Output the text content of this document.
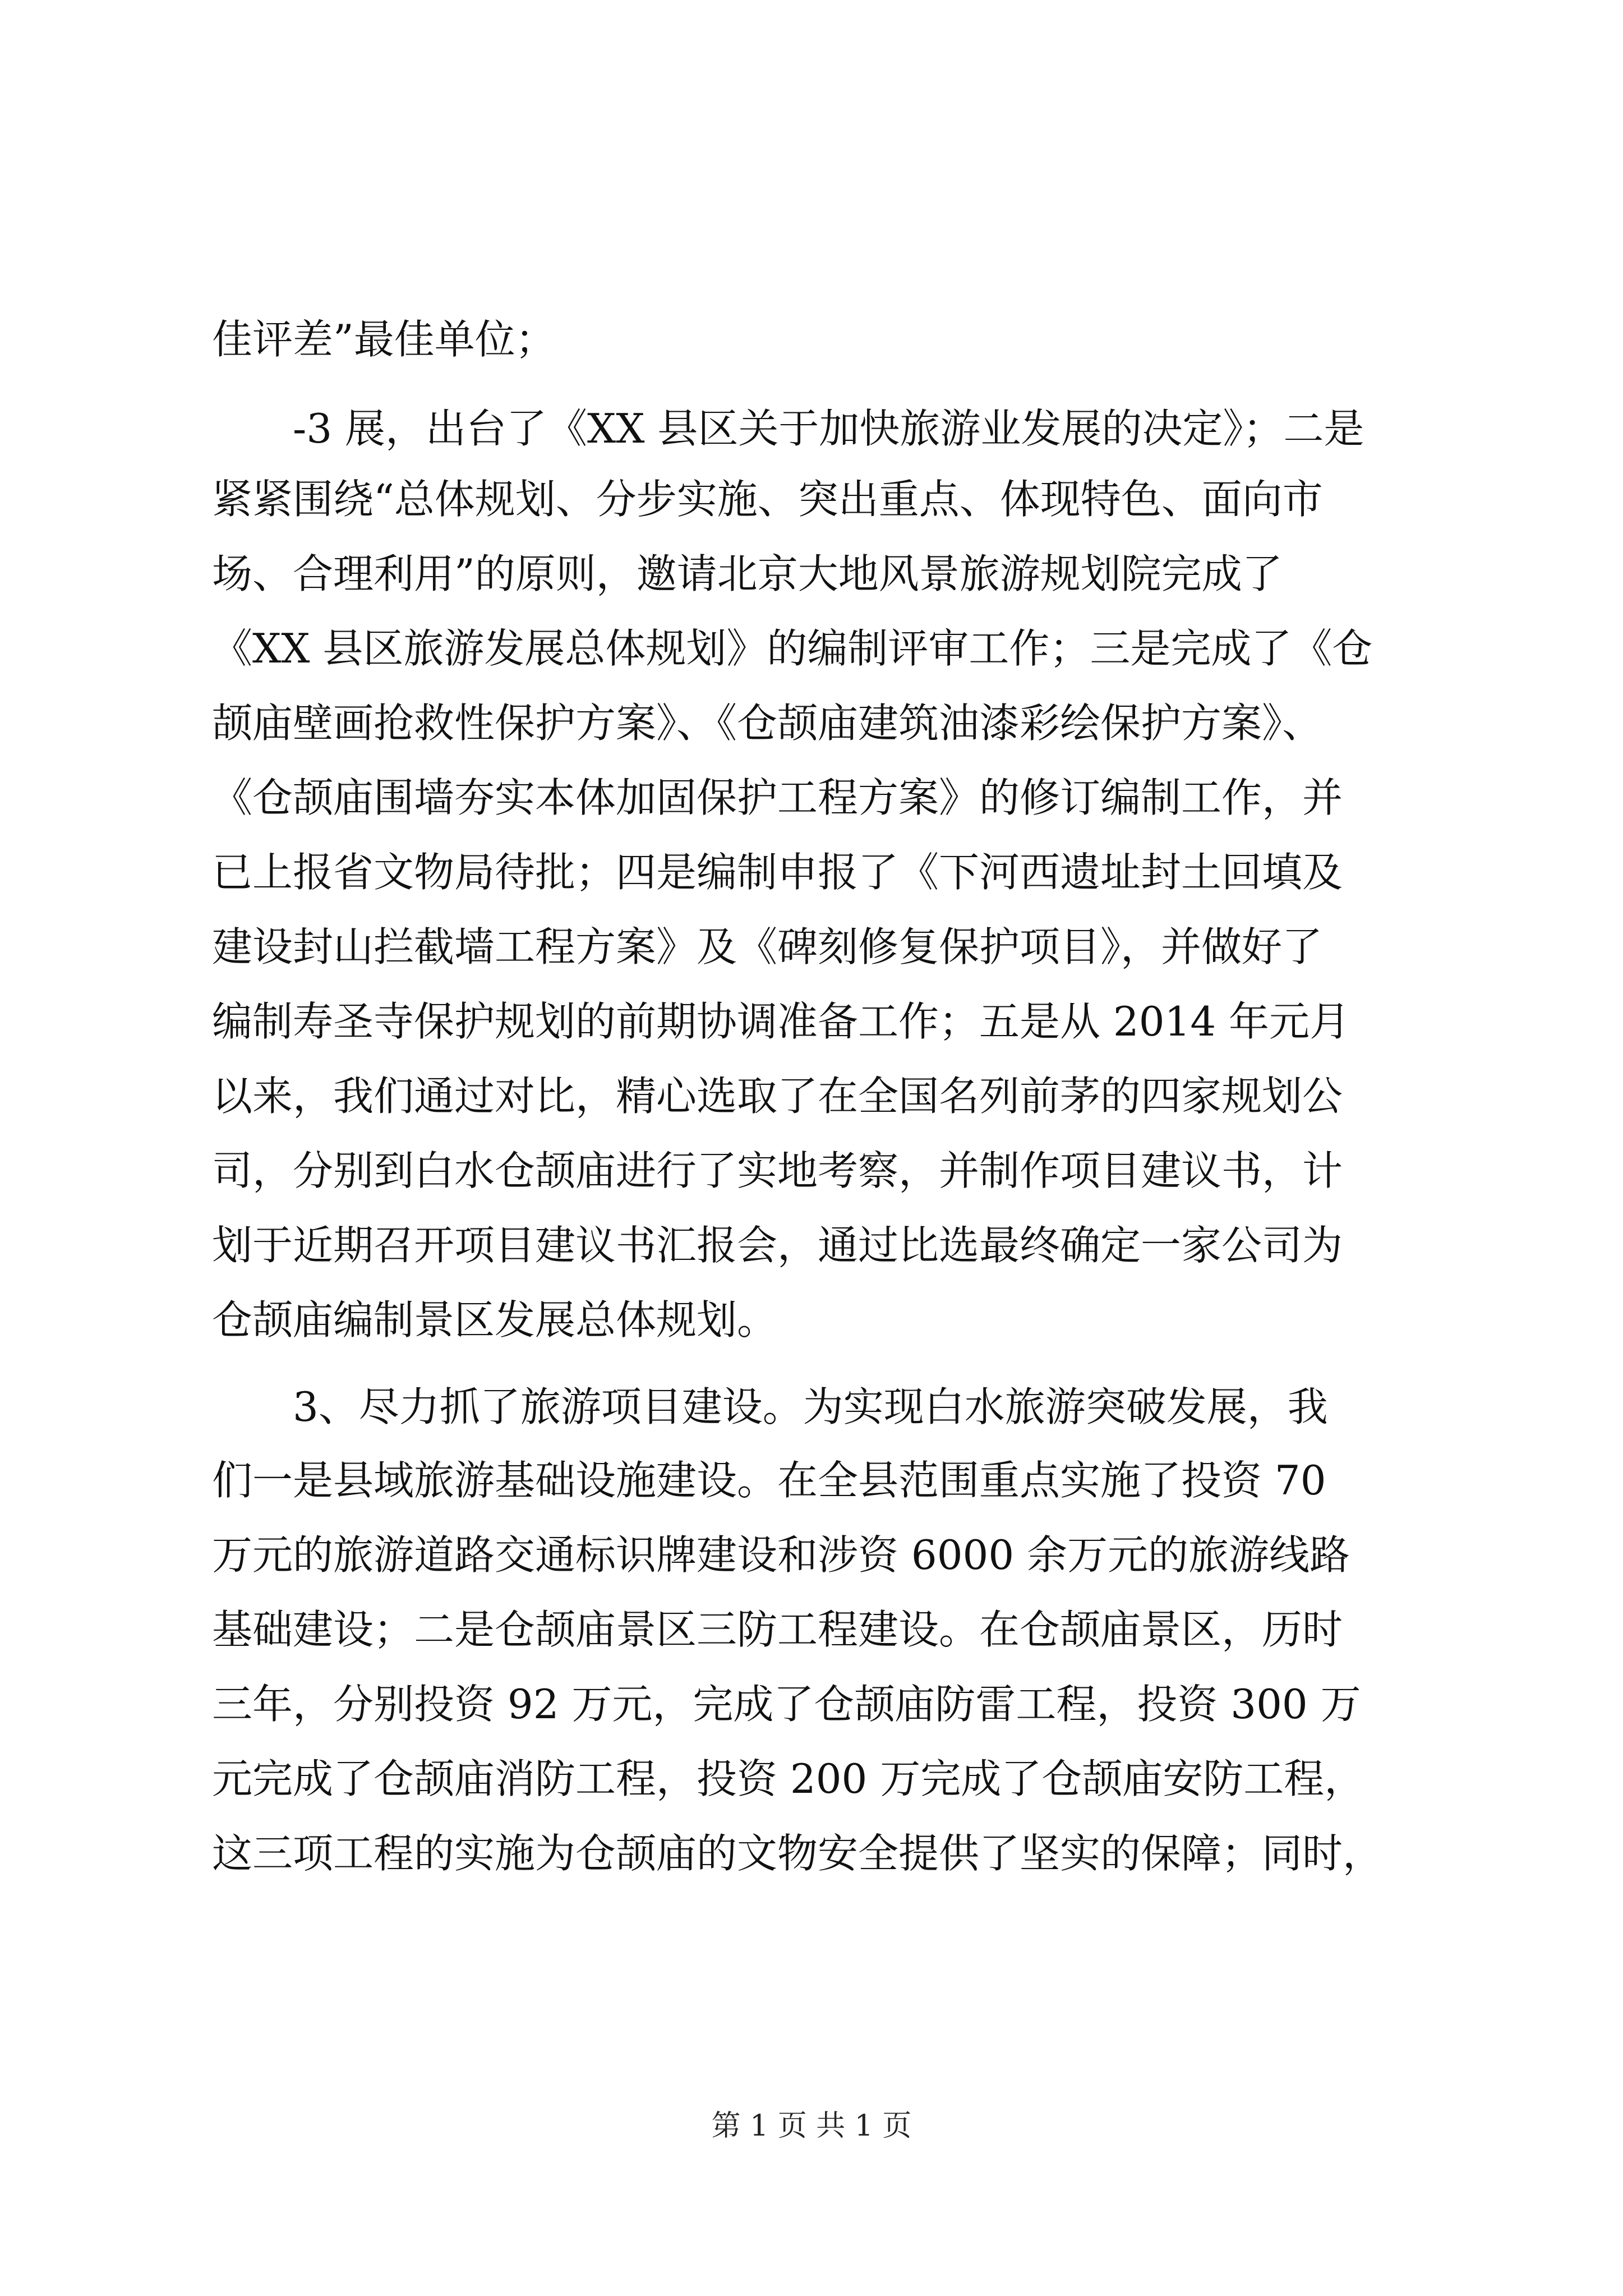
佳评差”最佳单位；
-3 展，出台了《XX 县区关于加快旅游业发展的决定》；二是
紧紧围绕“总体规划、分步实施、突出重点、体现特色、面向市
场、合理利用”的原则，邀请北京大地风景旅游规划院完成了
《XX 县区旅游发展总体规划》的编制评审工作；三是完成了《仓
颉庙壁画抢救性保护方案》、《仓颉庙建筑油漆彩绘保护方案》、
《仓颉庙围墙夯实本体加固保护工程方案》的修订编制工作，并
已上报省文物局待批；四是编制申报了《下河西遗址封土回填及
建设封山拦截墙工程方案》及《碑刻修复保护项目》，并做好了
编制寿圣寺保护规划的前期协调准备工作；五是从 2014 年元月
以来，我们通过对比，精心选取了在全国名列前茅的四家规划公
司，分别到白水仓颉庙进行了实地考察，并制作项目建议书，计
划于近期召开项目建议书汇报会，通过比选最终确定一家公司为
仓颉庙编制景区发展总体规划。
3、尽力抓了旅游项目建设。为实现白水旅游突破发展，我
们一是县域旅游基础设施建设。在全县范围重点实施了投资 70
万元的旅游道路交通标识牌建设和涉资 6000 余万元的旅游线路
基础建设；二是仓颉庙景区三防工程建设。在仓颉庙景区，历时
三年，分别投资 92 万元，完成了仓颉庙防雷工程，投资 300 万
元完成了仓颉庙消防工程，投资 200 万完成了仓颉庙安防工程，
这三项工程的实施为仓颉庙的文物安全提供了坚实的保障；同时，
第 1 页 共 1 页
